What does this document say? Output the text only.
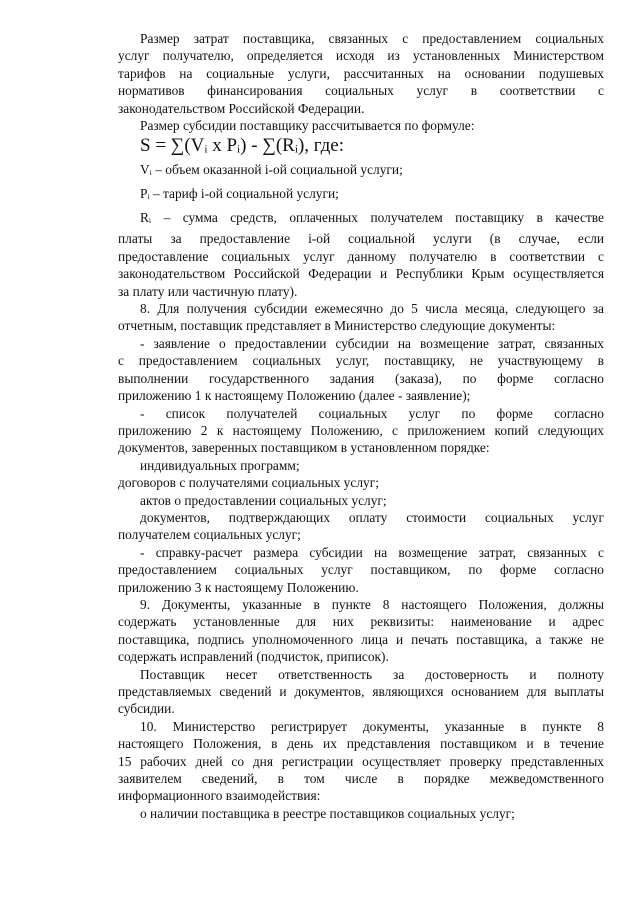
Размер затрат поставщика, связанных с предоставлением социальных
услуг получателю, определяется исходя из установленных Министерством
тарифов на социальные услуги, рассчитанных на основании подушевых
нормативов финансирования социальных услуг в соответствии с
законодательством Российской Федерации.
Размер субсидии поставщику рассчитывается по формуле:
S = ∑(Vᵢ x Pᵢ) - ∑(Rᵢ), где:
Vᵢ – объем оказанной i-ой социальной услуги;
Pᵢ – тариф i-ой социальной услуги;
Rᵢ – сумма средств, оплаченных получателем поставщику в качестве
платы за предоставление i-ой социальной услуги (в случае, если
предоставление социальных услуг данному получателю в соответствии с
законодательством Российской Федерации и Республики Крым осуществляется
за плату или частичную плату).
8. Для получения субсидии ежемесячно до 5 числа месяца, следующего за
отчетным, поставщик представляет в Министерство следующие документы:
- заявление о предоставлении субсидии на возмещение затрат, связанных
с предоставлением социальных услуг, поставщику, не участвующему в
выполнении государственного задания (заказа), по форме согласно
приложению 1 к настоящему Положению (далее - заявление);
- список получателей социальных услуг по форме согласно
приложению 2 к настоящему Положению, с приложением копий следующих
документов, заверенных поставщиком в установленном порядке:
индивидуальных программ;
договоров с получателями социальных услуг;
актов о предоставлении социальных услуг;
документов, подтверждающих оплату стоимости социальных услуг
получателем социальных услуг;
- справку-расчет размера субсидии на возмещение затрат, связанных с
предоставлением социальных услуг поставщиком, по форме согласно
приложению 3 к настоящему Положению.
9. Документы, указанные в пункте 8 настоящего Положения, должны
содержать установленные для них реквизиты: наименование и адрес
поставщика, подпись уполномоченного лица и печать поставщика, а также не
содержать исправлений (подчисток, приписок).
Поставщик несет ответственность за достоверность и полноту
представляемых сведений и документов, являющихся основанием для выплаты
субсидии.
10. Министерство регистрирует документы, указанные в пункте 8
настоящего Положения, в день их представления поставщиком и в течение
15 рабочих дней со дня регистрации осуществляет проверку представленных
заявителем сведений, в том числе в порядке межведомственного
информационного взаимодействия:
о наличии поставщика в реестре поставщиков социальных услуг;
